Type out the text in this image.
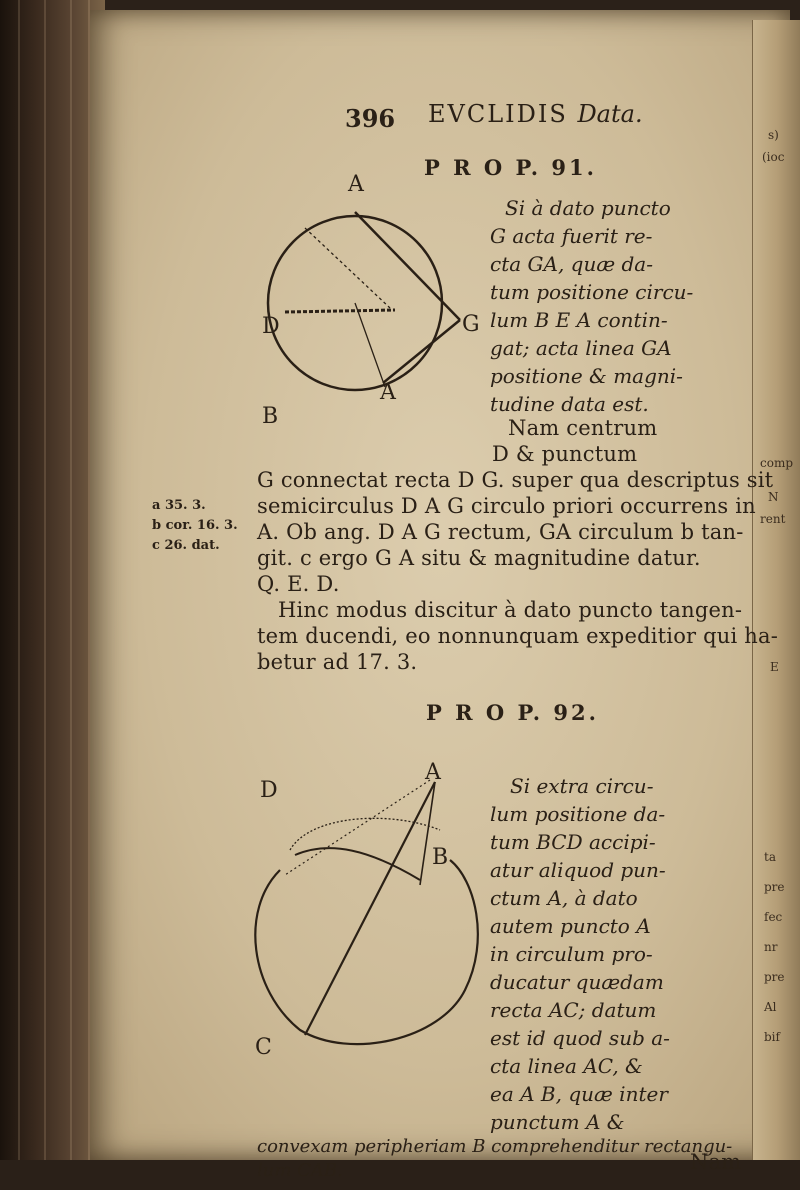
396 EVCLIDIS Data.
P R O P. 91.
A
D	G
A
B
Si à dato puncto
G acta fuerit re-
cta GA, quæ da-
tum positione circu-
lum B E A contin-
gat; acta linea GA
positione & magni-
tudine data est.
Nam centrum
D & punctum
G connectat recta D G. super qua descriptus sit
semicirculus D A G circulo priori occurrens in
A. Ob ang. D A G rectum, GA circulum b tan-
git. c ergo G A situ & magnitudine datur.
Q. E. D.
Hinc modus discitur à dato puncto tangen-
tem ducendi, eo nonnunquam expeditior qui ha-
betur ad 17. 3.
a 35. 3.
b cor. 16. 3.
c 26. dat.
P R O P. 92.
A
D
B
C
Si extra circu-
lum positione da-
tum BCD accipi-
atur aliquod pun-
ctum A, à dato
autem puncto A
in circulum pro-
ducatur quædam
recta AC; datum
est id quod sub a-
cta linea AC, &
ea A B, quæ inter
punctum A &
convexam peripheriam B comprehenditur rectangu-
lum CAB.	Nam
s)
(ioc
comp
N
rent
E
ta
pre
fec
nr
pre
Al
bif
